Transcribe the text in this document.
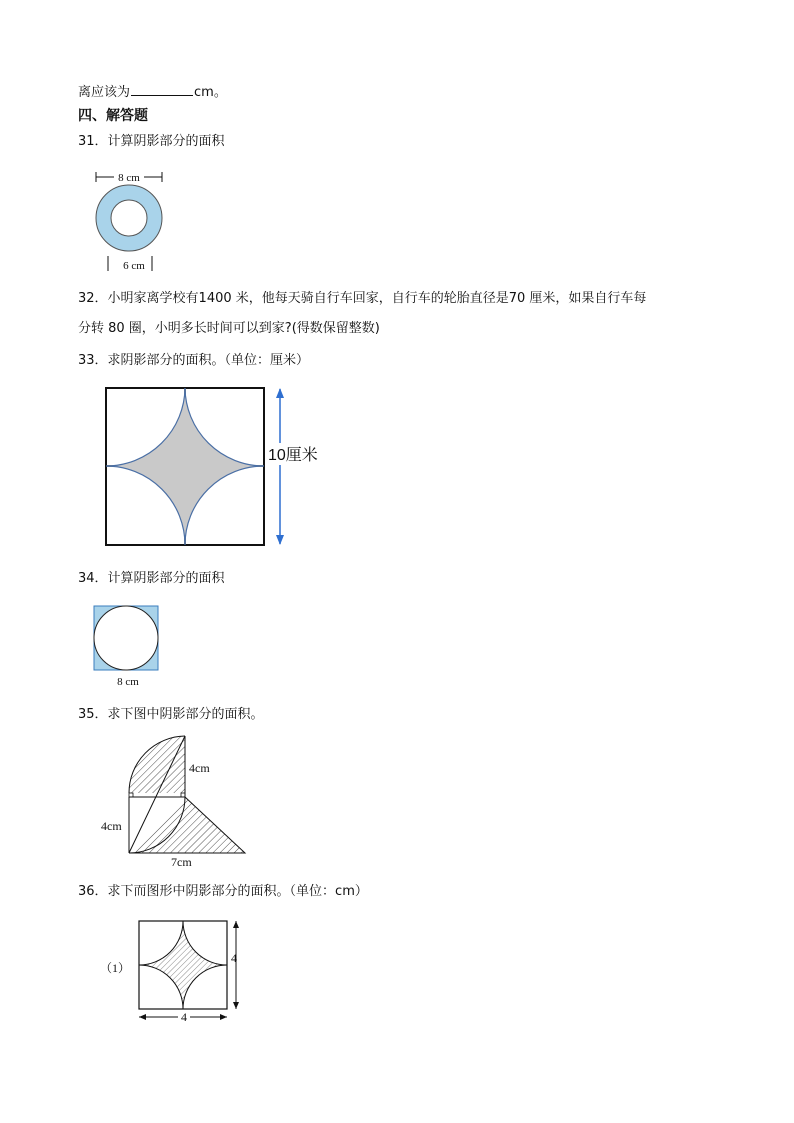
离应该为	cm。
四、解答题
31．计算阴影部分的面积
8 cm
6 cm
32．小明家离学校有1400 米，他每天骑自行车回家，自行车的轮胎直径是70 厘米，如果自行车每
分转 80 圈，小明多长时间可以到家?(得数保留整数)
33．求阴影部分的面积。（单位：厘米）
10厘米
34．计算阴影部分的面积
8 cm
35．求下图中阴影部分的面积。
4cm
4cm
7cm
36．求下而图形中阴影部分的面积。（单位：cm）
（1）
4
4
